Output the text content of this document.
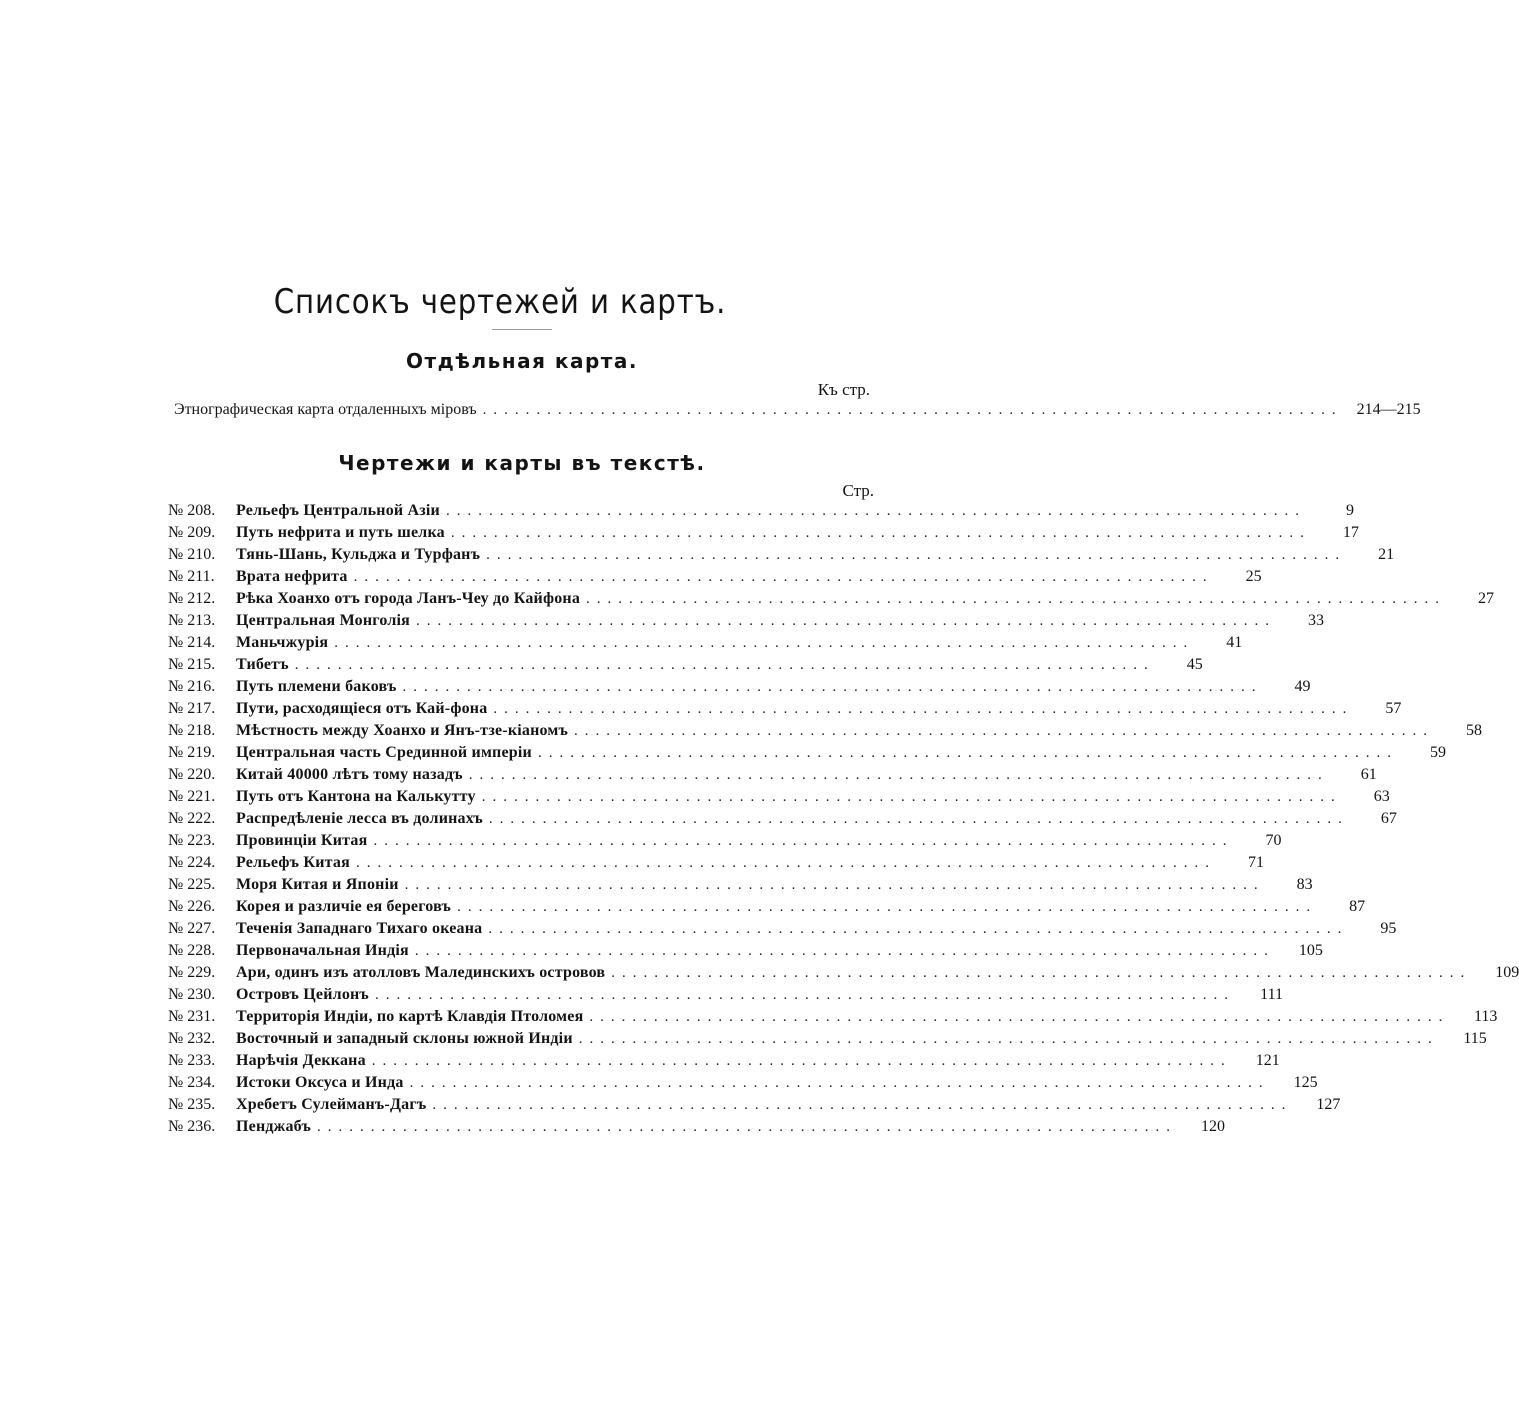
Списокъ чертежей и картъ.
Отдѣльная карта.
Къ стр.
Этнографическая карта отдаленныхъ міровъ ................................................................................ 214—215
Чертежи и карты въ текстѣ.
Стр.
№ 208.	Рельефъ Центральной Азіи ................................................................................	9
№ 209.	Путь нефрита и путь шелка ................................................................................	17
№ 210.	Тянь-Шань, Кульджа и Турфанъ ................................................................................	21
№ 211.	Врата нефрита ................................................................................	25
№ 212.	Рѣка Хоанхо отъ города Ланъ-Чеу до Кайфона ................................................................................	27
№ 213.	Центральная Монголія ................................................................................	33
№ 214.	Маньчжурія ................................................................................	41
№ 215.	Тибетъ ................................................................................	45
№ 216.	Путь племени баковъ ................................................................................	49
№ 217.	Пути, расходящіеся отъ Кай-фона ................................................................................	57
№ 218.	Мѣстность между Хоанхо и Янъ-тзе-кіаномъ ................................................................................	58
№ 219.	Центральная часть Срединной имперіи ................................................................................	59
№ 220.	Китай 40000 лѣтъ тому назадъ ................................................................................	61
№ 221.	Путь отъ Кантона на Калькутту ................................................................................	63
№ 222.	Распредѣленіе лесса въ долинахъ ................................................................................	67
№ 223.	Провинціи Китая ................................................................................	70
№ 224.	Рельефъ Китая ................................................................................	71
№ 225.	Моря Китая и Японіи ................................................................................	83
№ 226.	Корея и различіе ея береговъ ................................................................................	87
№ 227.	Теченія Западнаго Тихаго океана ................................................................................	95
№ 228.	Первоначальная Индія ................................................................................	105
№ 229.	Ари, одинъ изъ атолловъ Малединскихъ островов ................................................................................	109
№ 230.	Островъ Цейлонъ ................................................................................	111
№ 231.	Территорія Индіи, по картѣ Клавдія Птоломея ................................................................................	113
№ 232.	Восточный и западный склоны южной Индіи ................................................................................	115
№ 233.	Нарѣчія Деккана ................................................................................	121
№ 234.	Истоки Оксуса и Инда ................................................................................	125
№ 235.	Хребетъ Сулейманъ-Дагъ ................................................................................	127
№ 236.	Пенджабъ ................................................................................	120
